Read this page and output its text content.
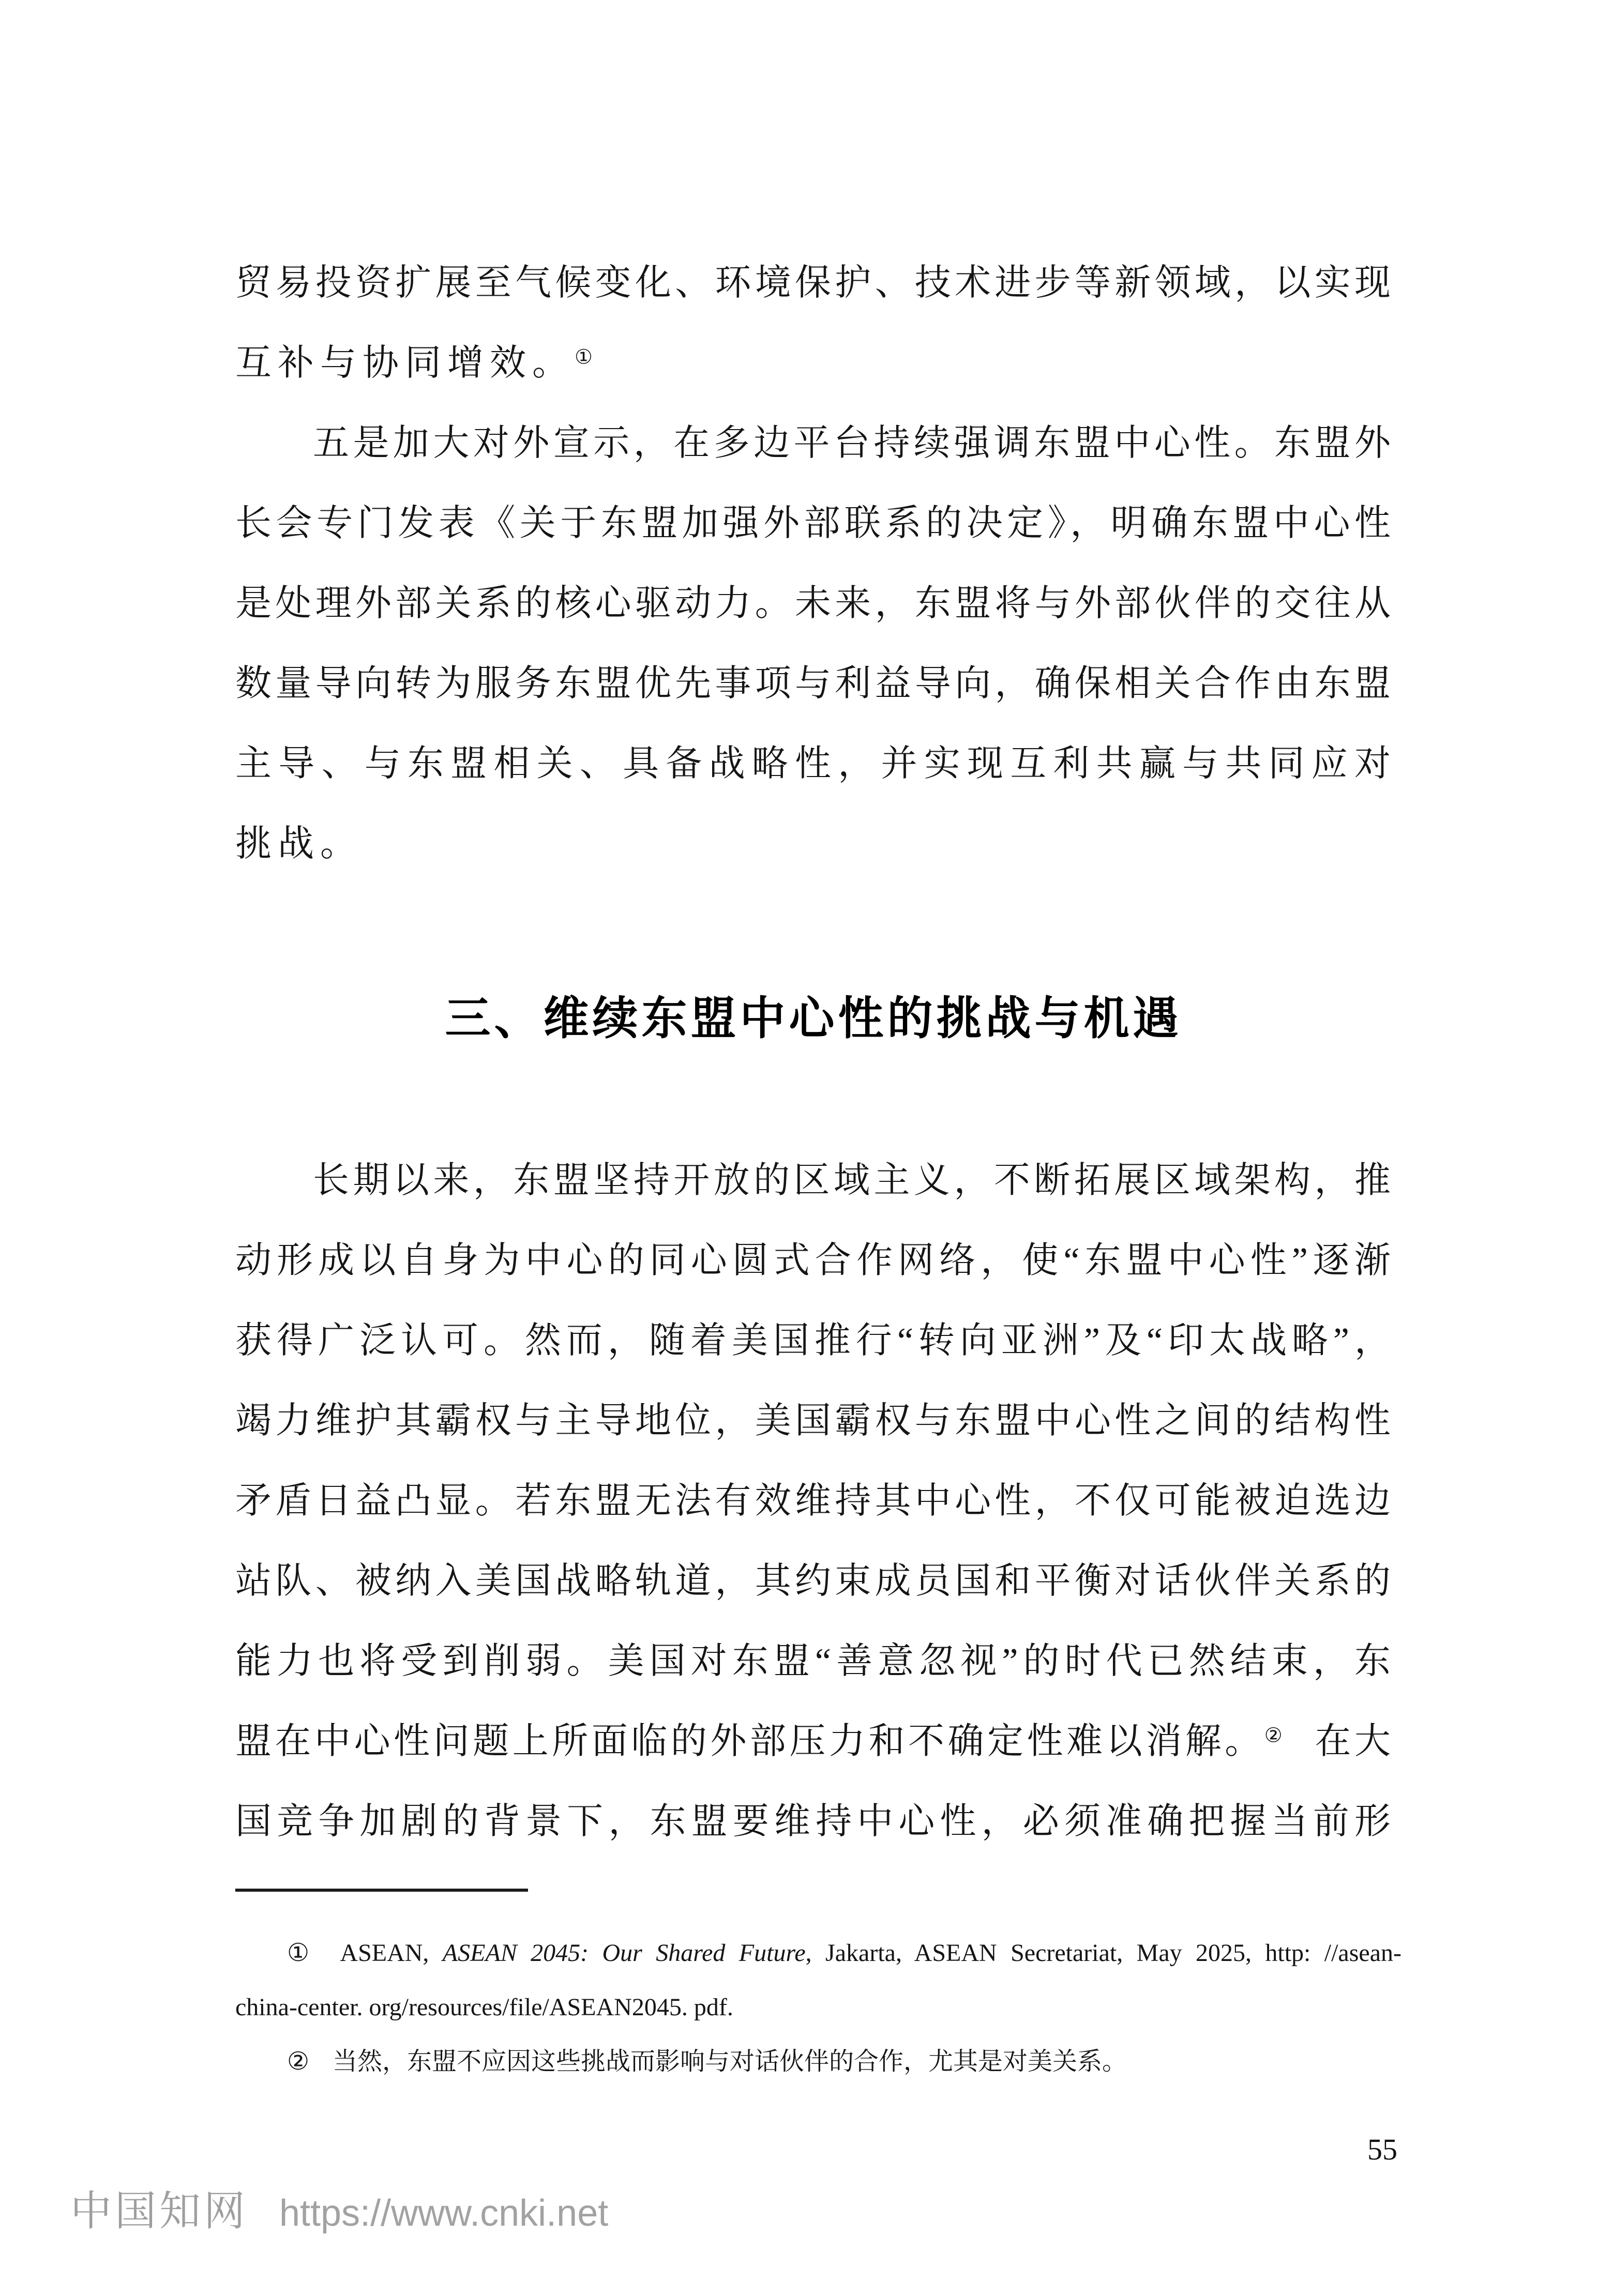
贸易投资扩展至气候变化、环境保护、技术进步等新领域，以实现
互补与协同增效。①
五是加大对外宣示，在多边平台持续强调东盟中心性。东盟外
长会专门发表《关于东盟加强外部联系的决定》，明确东盟中心性
是处理外部关系的核心驱动力。未来，东盟将与外部伙伴的交往从
数量导向转为服务东盟优先事项与利益导向，确保相关合作由东盟
主导、与东盟相关、具备战略性，并实现互利共赢与共同应对
挑战。
三、维续东盟中心性的挑战与机遇
长期以来，东盟坚持开放的区域主义，不断拓展区域架构，推
动形成以自身为中心的同心圆式合作网络，使“东盟中心性”逐渐
获得广泛认可。然而，随着美国推行“转向亚洲”及“印太战略”，
竭力维护其霸权与主导地位，美国霸权与东盟中心性之间的结构性
矛盾日益凸显。若东盟无法有效维持其中心性，不仅可能被迫选边
站队、被纳入美国战略轨道，其约束成员国和平衡对话伙伴关系的
能力也将受到削弱。美国对东盟“善意忽视”的时代已然结束，东
盟在中心性问题上所面临的外部压力和不确定性难以消解。② 在大
国竞争加剧的背景下，东盟要维持中心性，必须准确把握当前形
① ASEAN, ASEAN 2045: Our Shared Future, Jakarta, ASEAN Secretariat, May 2025, http: //asean-
china-center. org/resources/file/ASEAN2045. pdf.
② 当然，东盟不应因这些挑战而影响与对话伙伴的合作，尤其是对美关系。
55
中国知网 https://www.cnki.net
